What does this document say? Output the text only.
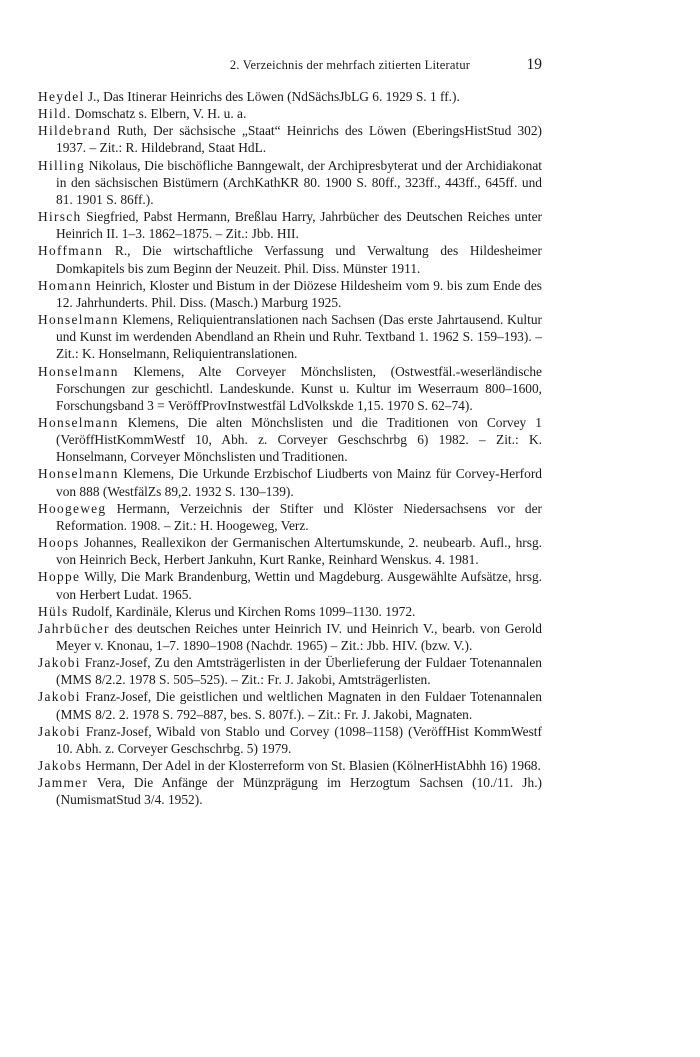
2. Verzeichnis der mehrfach zitierten Literatur	19
Heydel J., Das Itinerar Heinrichs des Löwen (NdSächsJbLG 6. 1929 S. 1 ff.).
Hild. Domschatz s. Elbern, V. H. u. a.
Hildebrand Ruth, Der sächsische „Staat“ Heinrichs des Löwen (EberingsHistStud 302) 1937. – Zit.: R. Hildebrand, Staat HdL.
Hilling Nikolaus, Die bischöfliche Banngewalt, der Archipresbyterat und der Archidiakonat in den sächsischen Bistümern (ArchKathKR 80. 1900 S. 80ff., 323ff., 443ff., 645ff. und 81. 1901 S. 86ff.).
Hirsch Siegfried, Pabst Hermann, Breßlau Harry, Jahrbücher des Deutschen Reiches unter Heinrich II. 1–3. 1862–1875. – Zit.: Jbb. HII.
Hoffmann R., Die wirtschaftliche Verfassung und Verwaltung des Hildesheimer Domkapitels bis zum Beginn der Neuzeit. Phil. Diss. Münster 1911.
Homann Heinrich, Kloster und Bistum in der Diözese Hildesheim vom 9. bis zum Ende des 12. Jahrhunderts. Phil. Diss. (Masch.) Marburg 1925.
Honselmann Klemens, Reliquientranslationen nach Sachsen (Das erste Jahrtausend. Kultur und Kunst im werdenden Abendland an Rhein und Ruhr. Textband 1. 1962 S. 159–193). – Zit.: K. Honselmann, Reliquientranslationen.
Honselmann Klemens, Alte Corveyer Mönchslisten, (Ostwestfäl.-weserländische Forschungen zur geschichtl. Landeskunde. Kunst u. Kultur im Weserraum 800–1600, Forschungsband 3 = VeröffProvInstwestfäl LdVolkskde 1,15. 1970 S. 62–74).
Honselmann Klemens, Die alten Mönchslisten und die Traditionen von Corvey 1 (VeröffHistKommWestf 10, Abh. z. Corveyer Geschschrbg 6) 1982. – Zit.: K. Honselmann, Corveyer Mönchslisten und Traditionen.
Honselmann Klemens, Die Urkunde Erzbischof Liudberts von Mainz für Corvey-Herford von 888 (WestfälZs 89,2. 1932 S. 130–139).
Hoogeweg Hermann, Verzeichnis der Stifter und Klöster Niedersachsens vor der Reformation. 1908. – Zit.: H. Hoogeweg, Verz.
Hoops Johannes, Reallexikon der Germanischen Altertumskunde, 2. neubearb. Aufl., hrsg. von Heinrich Beck, Herbert Jankuhn, Kurt Ranke, Reinhard Wenskus. 4. 1981.
Hoppe Willy, Die Mark Brandenburg, Wettin und Magdeburg. Ausgewählte Aufsätze, hrsg. von Herbert Ludat. 1965.
Hüls Rudolf, Kardinäle, Klerus und Kirchen Roms 1099–1130. 1972.
Jahrbücher des deutschen Reiches unter Heinrich IV. und Heinrich V., bearb. von Gerold Meyer v. Knonau, 1–7. 1890–1908 (Nachdr. 1965) – Zit.: Jbb. HIV. (bzw. V.).
Jakobi Franz-Josef, Zu den Amtsträgerlisten in der Überlieferung der Fuldaer Totenannalen (MMS 8/2.2. 1978 S. 505–525). – Zit.: Fr. J. Jakobi, Amtsträgerlisten.
Jakobi Franz-Josef, Die geistlichen und weltlichen Magnaten in den Fuldaer Totenannalen (MMS 8/2. 2. 1978 S. 792–887, bes. S. 807f.). – Zit.: Fr. J. Jakobi, Magnaten.
Jakobi Franz-Josef, Wibald von Stablo und Corvey (1098–1158) (VeröffHist KommWestf 10. Abh. z. Corveyer Geschschrbg. 5) 1979.
Jakobs Hermann, Der Adel in der Klosterreform von St. Blasien (KölnerHistAbhh 16) 1968.
Jammer Vera, Die Anfänge der Münzprägung im Herzogtum Sachsen (10./11. Jh.) (NumismatStud 3/4. 1952).
